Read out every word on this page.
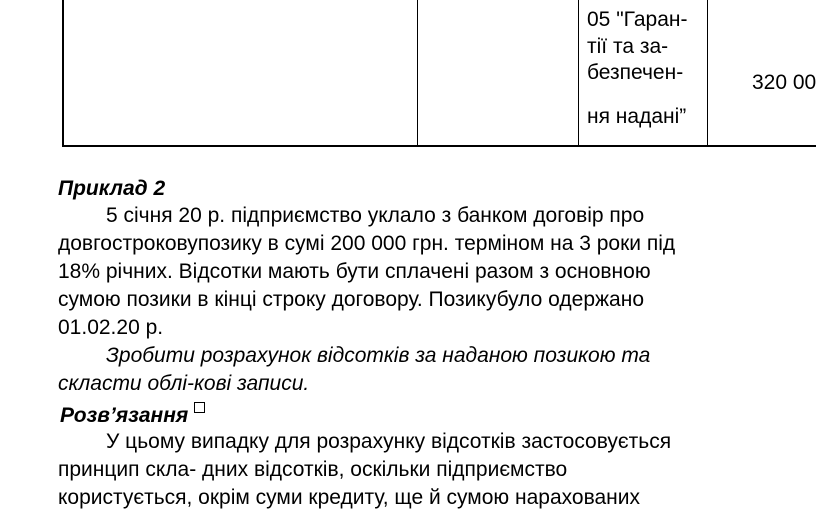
05 "Гаран-
тії та за-
безпечен-
ня надані”
320 00
Приклад 2
5 січня 20 р. підприємство уклало з банком договір про
довгостроковупозику в сумі 200 000 грн. терміном на 3 роки під
18% річних. Відсотки мають бути сплачені разом з основною
сумою позики в кінці строку договору. Позикубуло одержано
01.02.20 р.
Зробити розрахунок відсотків за наданою позикою та
скласти облі-кові записи.
Розв’язання
У цьому випадку для розрахунку відсотків застосовується
принцип скла- дних відсотків, оскільки підприємство
користується, окрім суми кредиту, ще й сумою нарахованих
